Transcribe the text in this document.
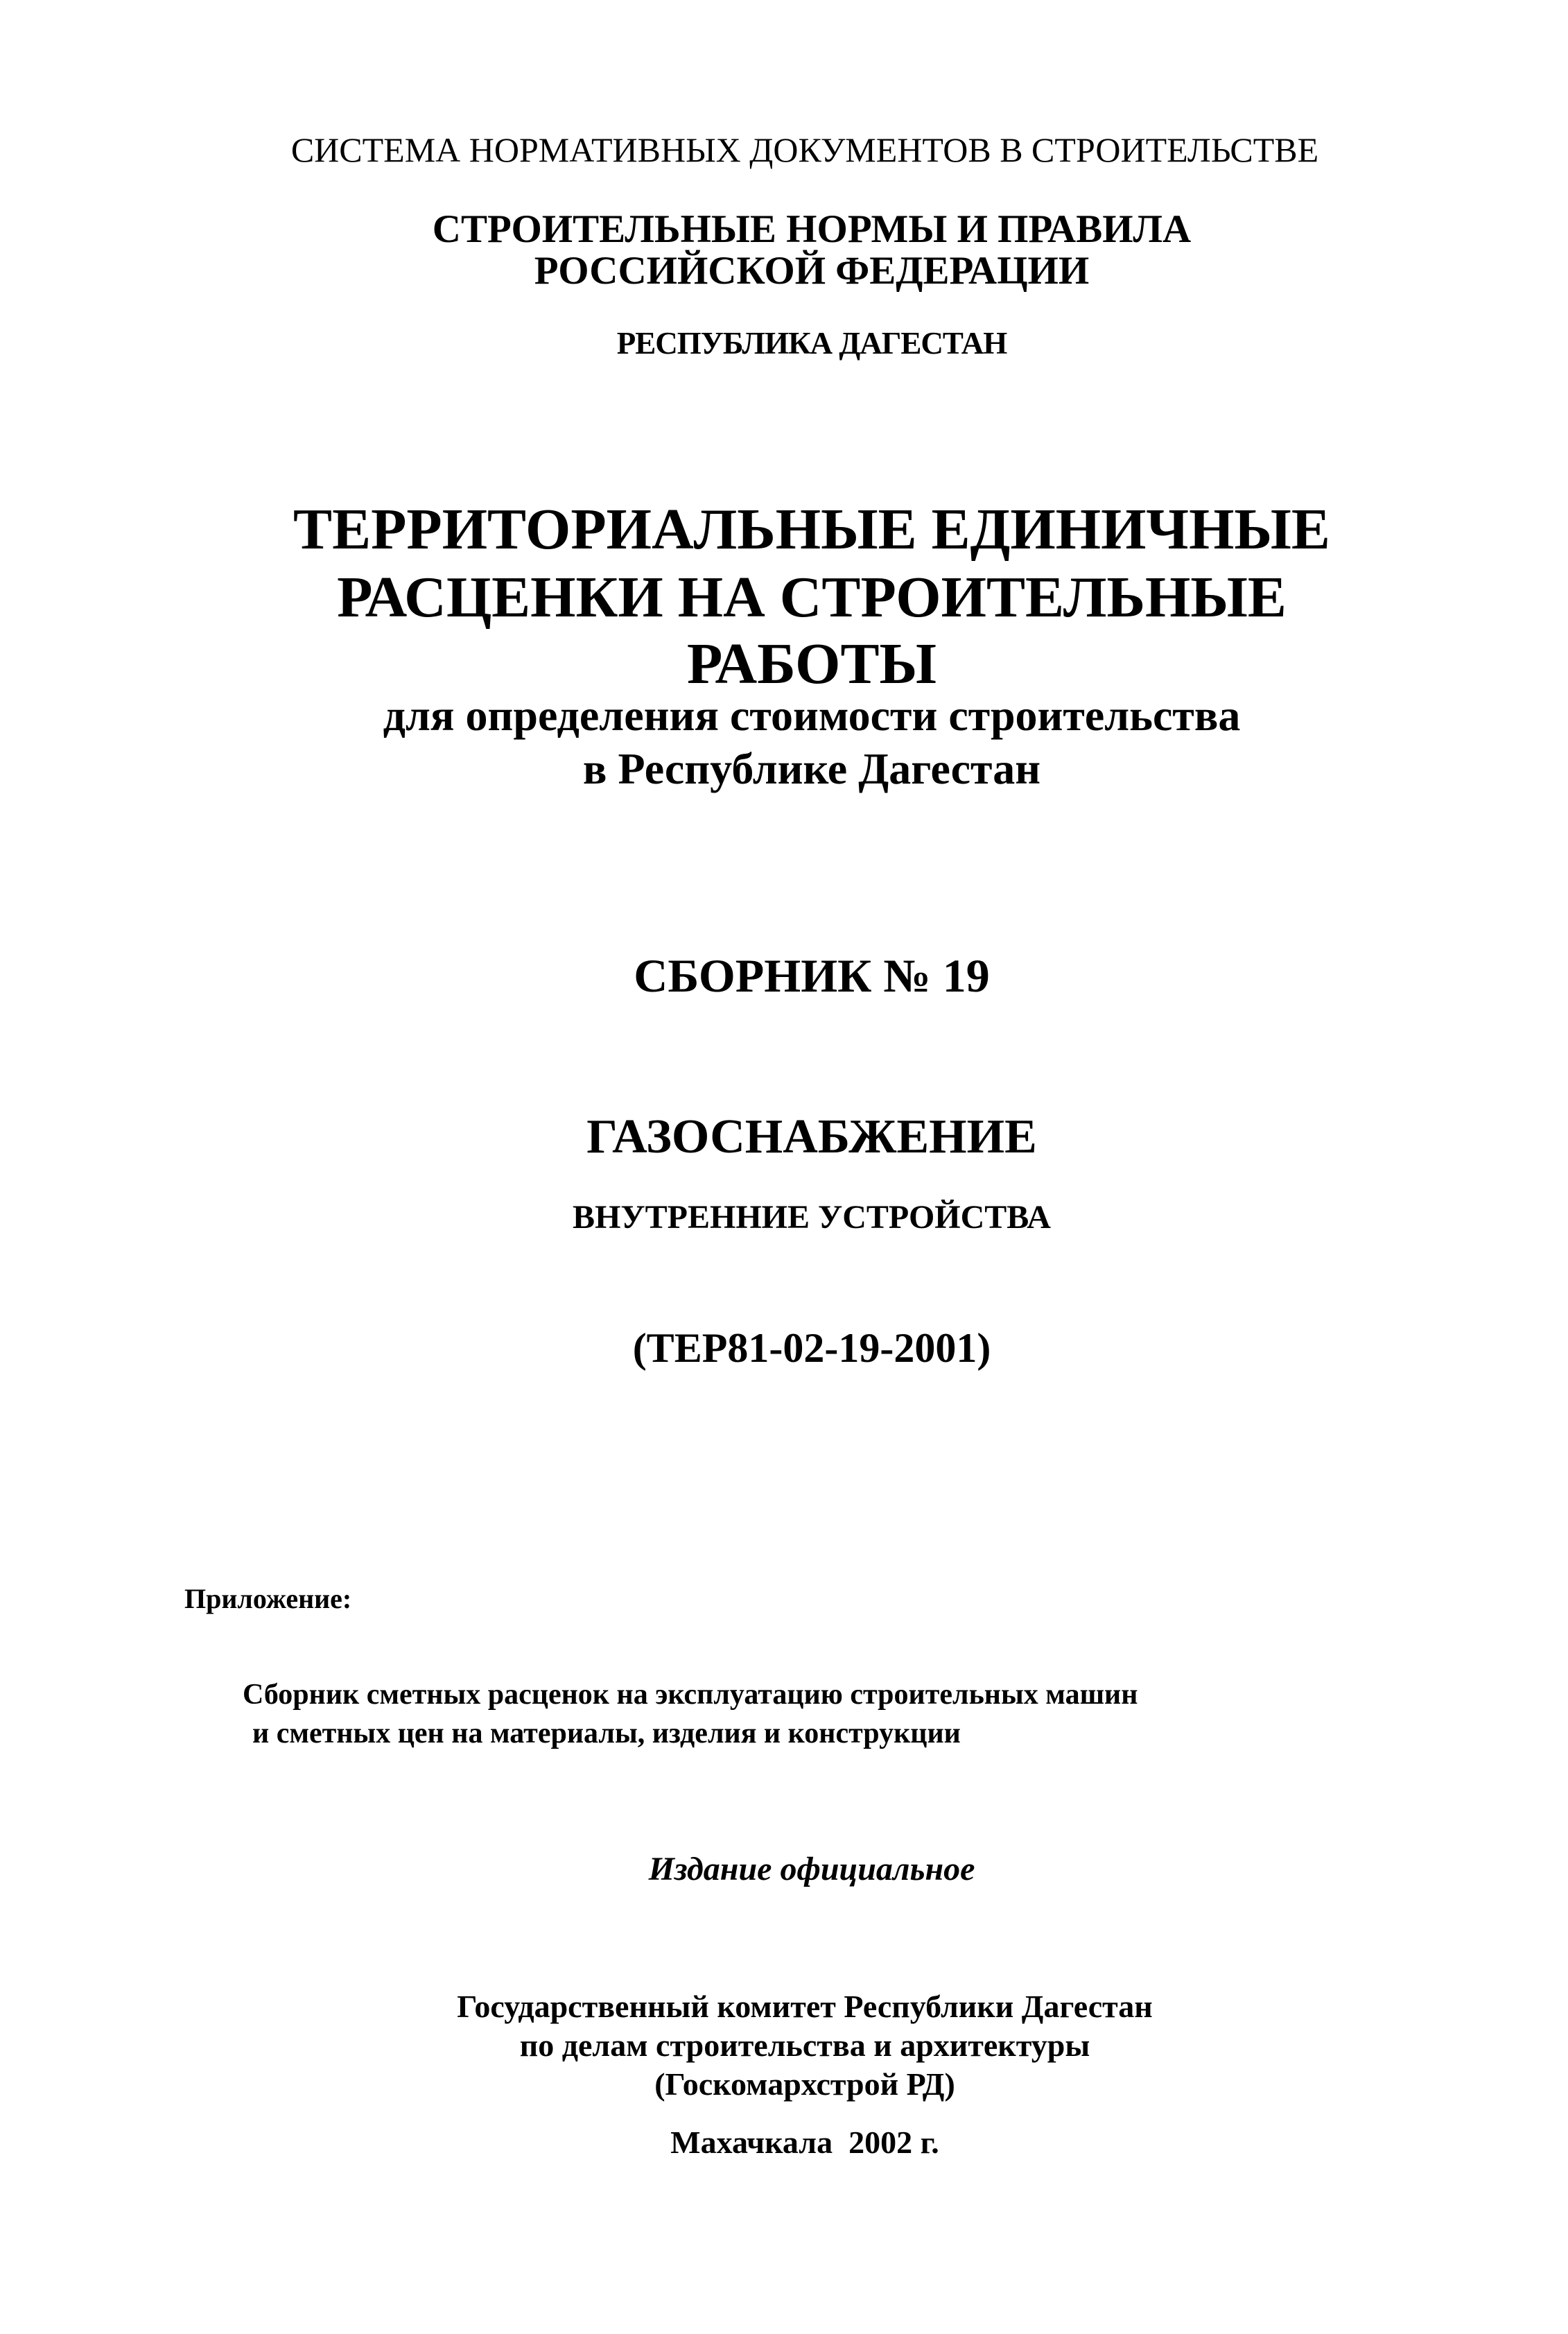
СИСТЕМА НОРМАТИВНЫХ ДОКУМЕНТОВ В СТРОИТЕЛЬСТВЕ
СТРОИТЕЛЬНЫЕ НОРМЫ И ПРАВИЛА
РОССИЙСКОЙ ФЕДЕРАЦИИ
РЕСПУБЛИКА ДАГЕСТАН
ТЕРРИТОРИАЛЬНЫЕ ЕДИНИЧНЫЕ
РАСЦЕНКИ НА СТРОИТЕЛЬНЫЕ
РАБОТЫ
для определения стоимости строительства
в Республике Дагестан
СБОРНИК № 19
ГАЗОСНАБЖЕНИЕ
ВНУТРЕННИЕ УСТРОЙСТВА
(ТЕР81-02-19-2001)
Приложение:
Сборник сметных расценок на эксплуатацию строительных машин
и сметных цен на материалы, изделия и конструкции
Издание официальное
Государственный комитет Республики Дагестан
по делам строительства и архитектуры
(Госкомархстрой РД)
Махачкала  2002 г.
